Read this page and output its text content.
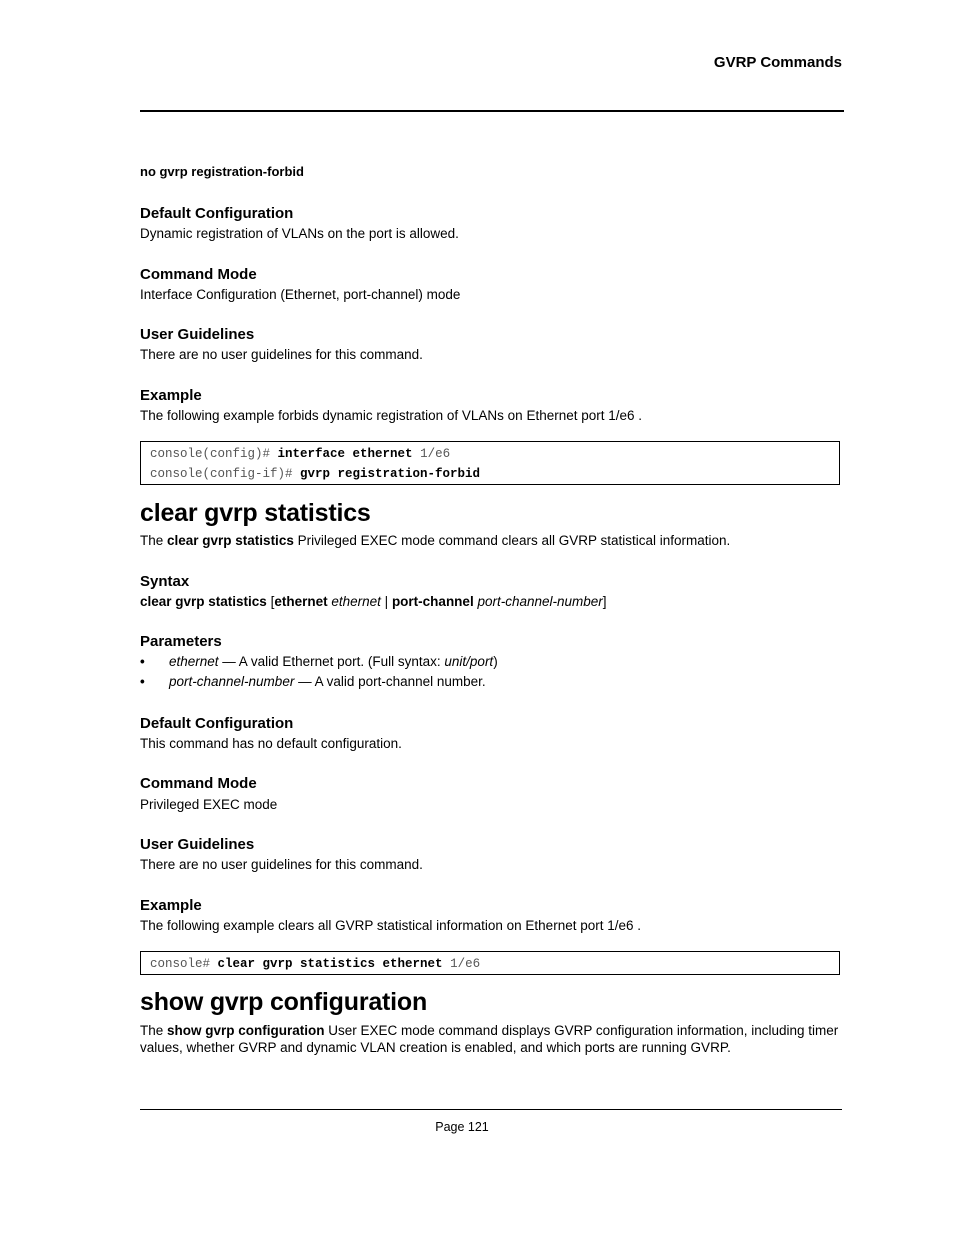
GVRP Commands
no gvrp registration-forbid
Default Configuration
Dynamic registration of VLANs on the port is allowed.
Command Mode
Interface Configuration (Ethernet, port-channel) mode
User Guidelines
There are no user guidelines for this command.
Example
The following example forbids dynamic registration of VLANs on Ethernet port 1/e6 .
console(config)# interface ethernet 1/e6
console(config-if)# gvrp registration-forbid
clear gvrp statistics
The clear gvrp statistics Privileged EXEC mode command clears all GVRP statistical information.
Syntax
clear gvrp statistics [ethernet ethernet | port-channel port-channel-number]
Parameters
• ethernet — A valid Ethernet port. (Full syntax: unit/port)
• port-channel-number — A valid port-channel number.
Default Configuration
This command has no default configuration.
Command Mode
Privileged EXEC mode
User Guidelines
There are no user guidelines for this command.
Example
The following example clears all GVRP statistical information on Ethernet port 1/e6 .
console# clear gvrp statistics ethernet 1/e6
show gvrp configuration
The show gvrp configuration User EXEC mode command displays GVRP configuration information, including timer values, whether GVRP and dynamic VLAN creation is enabled, and which ports are running GVRP.
Page 121
